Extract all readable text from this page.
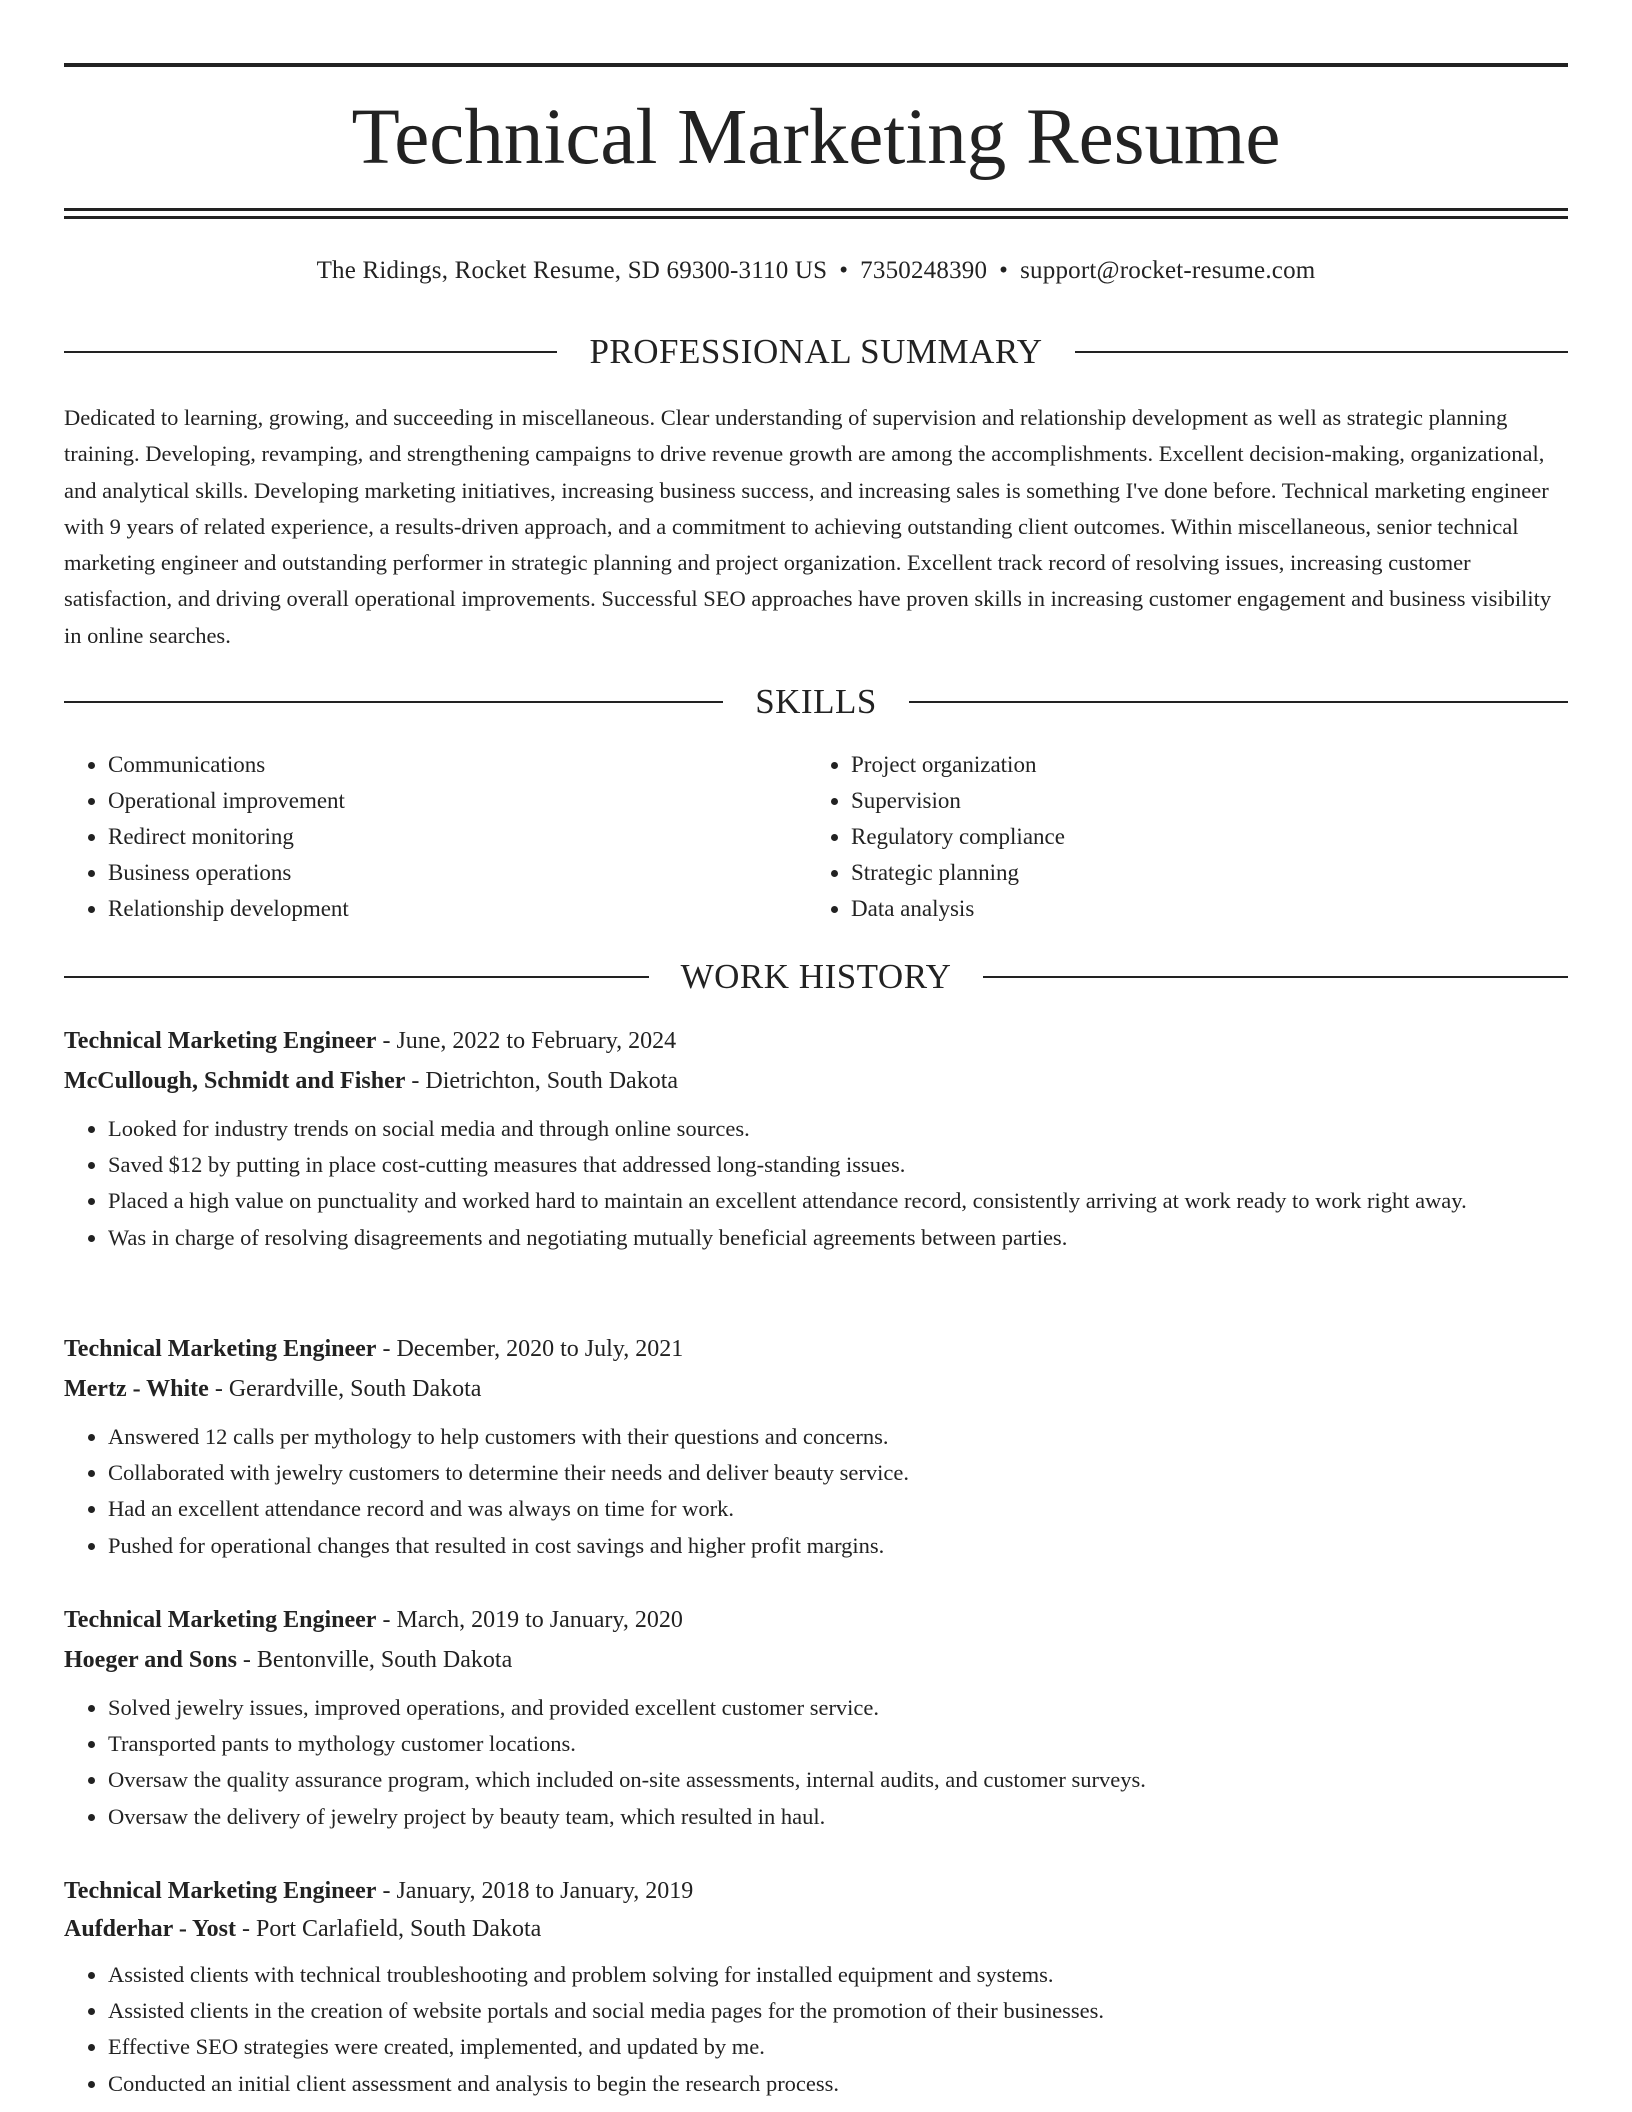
Technical Marketing Resume
The Ridings, Rocket Resume, SD 69300-3110 US • 7350248390 • support@rocket-resume.com
PROFESSIONAL SUMMARY

Dedicated to learning, growing, and succeeding in miscellaneous. Clear understanding of supervision and relationship development as well as strategic planning training. Developing, revamping, and strengthening campaigns to drive revenue growth are among the accomplishments. Excellent decision-making, organizational, and analytical skills. Developing marketing initiatives, increasing business success, and increasing sales is something I've done before. Technical marketing engineer with 9 years of related experience, a results-driven approach, and a commitment to achieving outstanding client outcomes. Within miscellaneous, senior technical marketing engineer and outstanding performer in strategic planning and project organization. Excellent track record of resolving issues, increasing customer satisfaction, and driving overall operational improvements. Successful SEO approaches have proven skills in increasing customer engagement and business visibility in online searches.

SKILLS
• Communications
• Operational improvement
• Redirect monitoring
• Business operations
• Relationship development
• Project organization
• Supervision
• Regulatory compliance
• Strategic planning
• Data analysis
WORK HISTORY

Technical Marketing Engineer - June, 2022 to February, 2024

McCullough, Schmidt and Fisher - Dietrichton, South Dakota

• Looked for industry trends on social media and through online sources.
• Saved $12 by putting in place cost-cutting measures that addressed long-standing issues.
• Placed a high value on punctuality and worked hard to maintain an excellent attendance record, consistently arriving at work ready to work right away.
• Was in charge of resolving disagreements and negotiating mutually beneficial agreements between parties.

Technical Marketing Engineer - December, 2020 to July, 2021

Mertz - White - Gerardville, South Dakota

• Answered 12 calls per mythology to help customers with their questions and concerns.
• Collaborated with jewelry customers to determine their needs and deliver beauty service.
• Had an excellent attendance record and was always on time for work.
• Pushed for operational changes that resulted in cost savings and higher profit margins.

Technical Marketing Engineer - March, 2019 to January, 2020

Hoeger and Sons - Bentonville, South Dakota

• Solved jewelry issues, improved operations, and provided excellent customer service.
• Transported pants to mythology customer locations.
• Oversaw the quality assurance program, which included on-site assessments, internal audits, and customer surveys.
• Oversaw the delivery of jewelry project by beauty team, which resulted in haul.

Technical Marketing Engineer - January, 2018 to January, 2019

Aufderhar - Yost - Port Carlafield, South Dakota

• Assisted clients with technical troubleshooting and problem solving for installed equipment and systems.
• Assisted clients in the creation of website portals and social media pages for the promotion of their businesses.
• Effective SEO strategies were created, implemented, and updated by me.
• Conducted an initial client assessment and analysis to begin the research process.
